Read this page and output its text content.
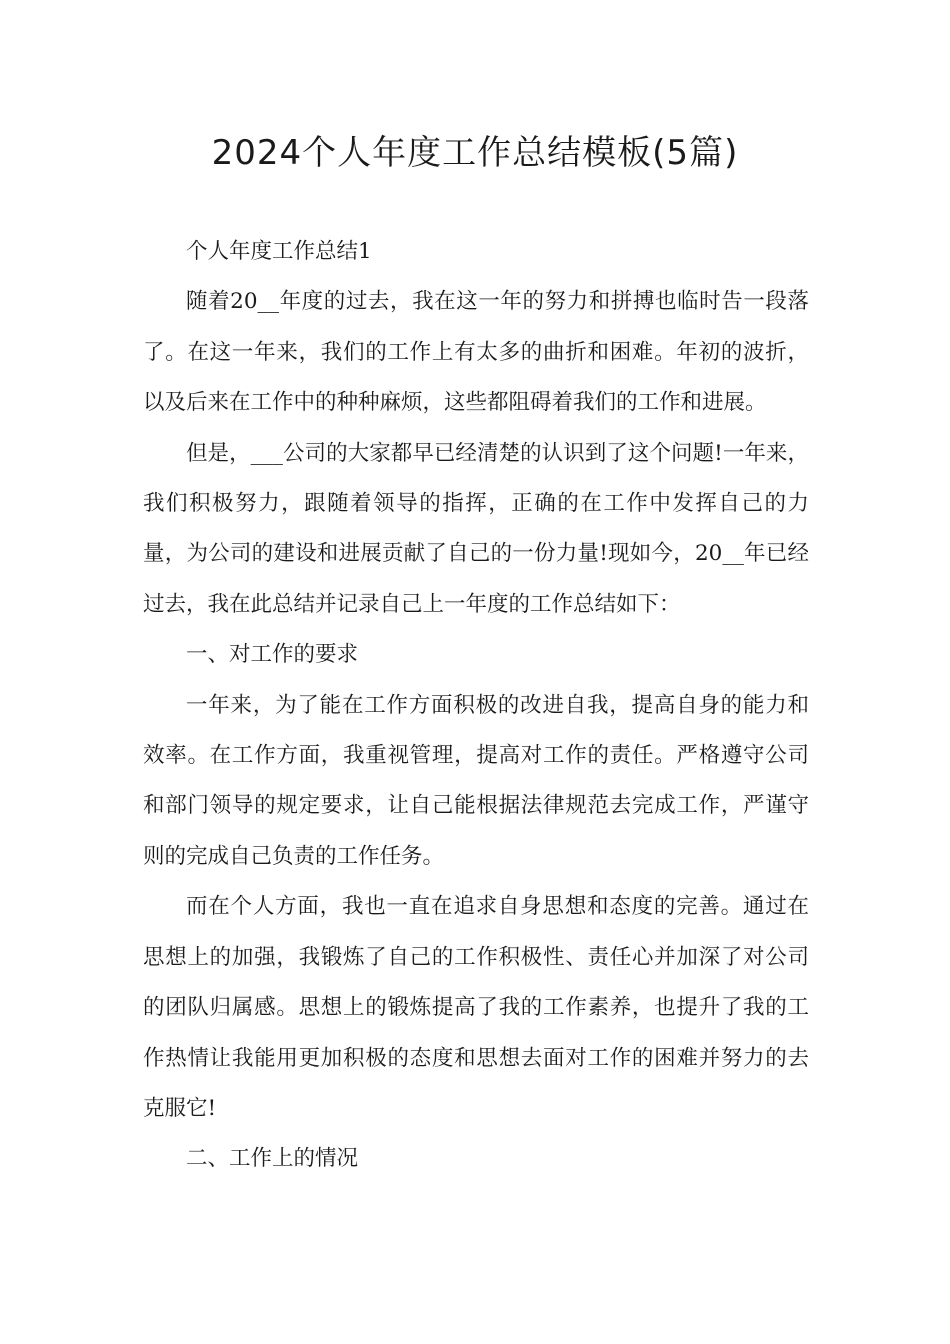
2024个人年度工作总结模板(5篇)

个人年度工作总结1

随着20__年度的过去，我在这一年的努力和拼搏也临时告一段落了。在这一年来，我们的工作上有太多的曲折和困难。年初的波折，以及后来在工作中的种种麻烦，这些都阻碍着我们的工作和进展。

但是，___公司的大家都早已经清楚的认识到了这个问题!一年来，我们积极努力，跟随着领导的指挥，正确的在工作中发挥自己的力量，为公司的建设和进展贡献了自己的一份力量!现如今，20__年已经过去，我在此总结并记录自己上一年度的工作总结如下：

一、对工作的要求

一年来，为了能在工作方面积极的改进自我，提高自身的能力和效率。在工作方面，我重视管理，提高对工作的责任。严格遵守公司和部门领导的规定要求，让自己能根据法律规范去完成工作，严谨守则的完成自己负责的工作任务。

而在个人方面，我也一直在追求自身思想和态度的完善。通过在思想上的加强，我锻炼了自己的工作积极性、责任心并加深了对公司的团队归属感。思想上的锻炼提高了我的工作素养，也提升了我的工作热情让我能用更加积极的态度和思想去面对工作的困难并努力的去克服它!

二、工作上的情况
